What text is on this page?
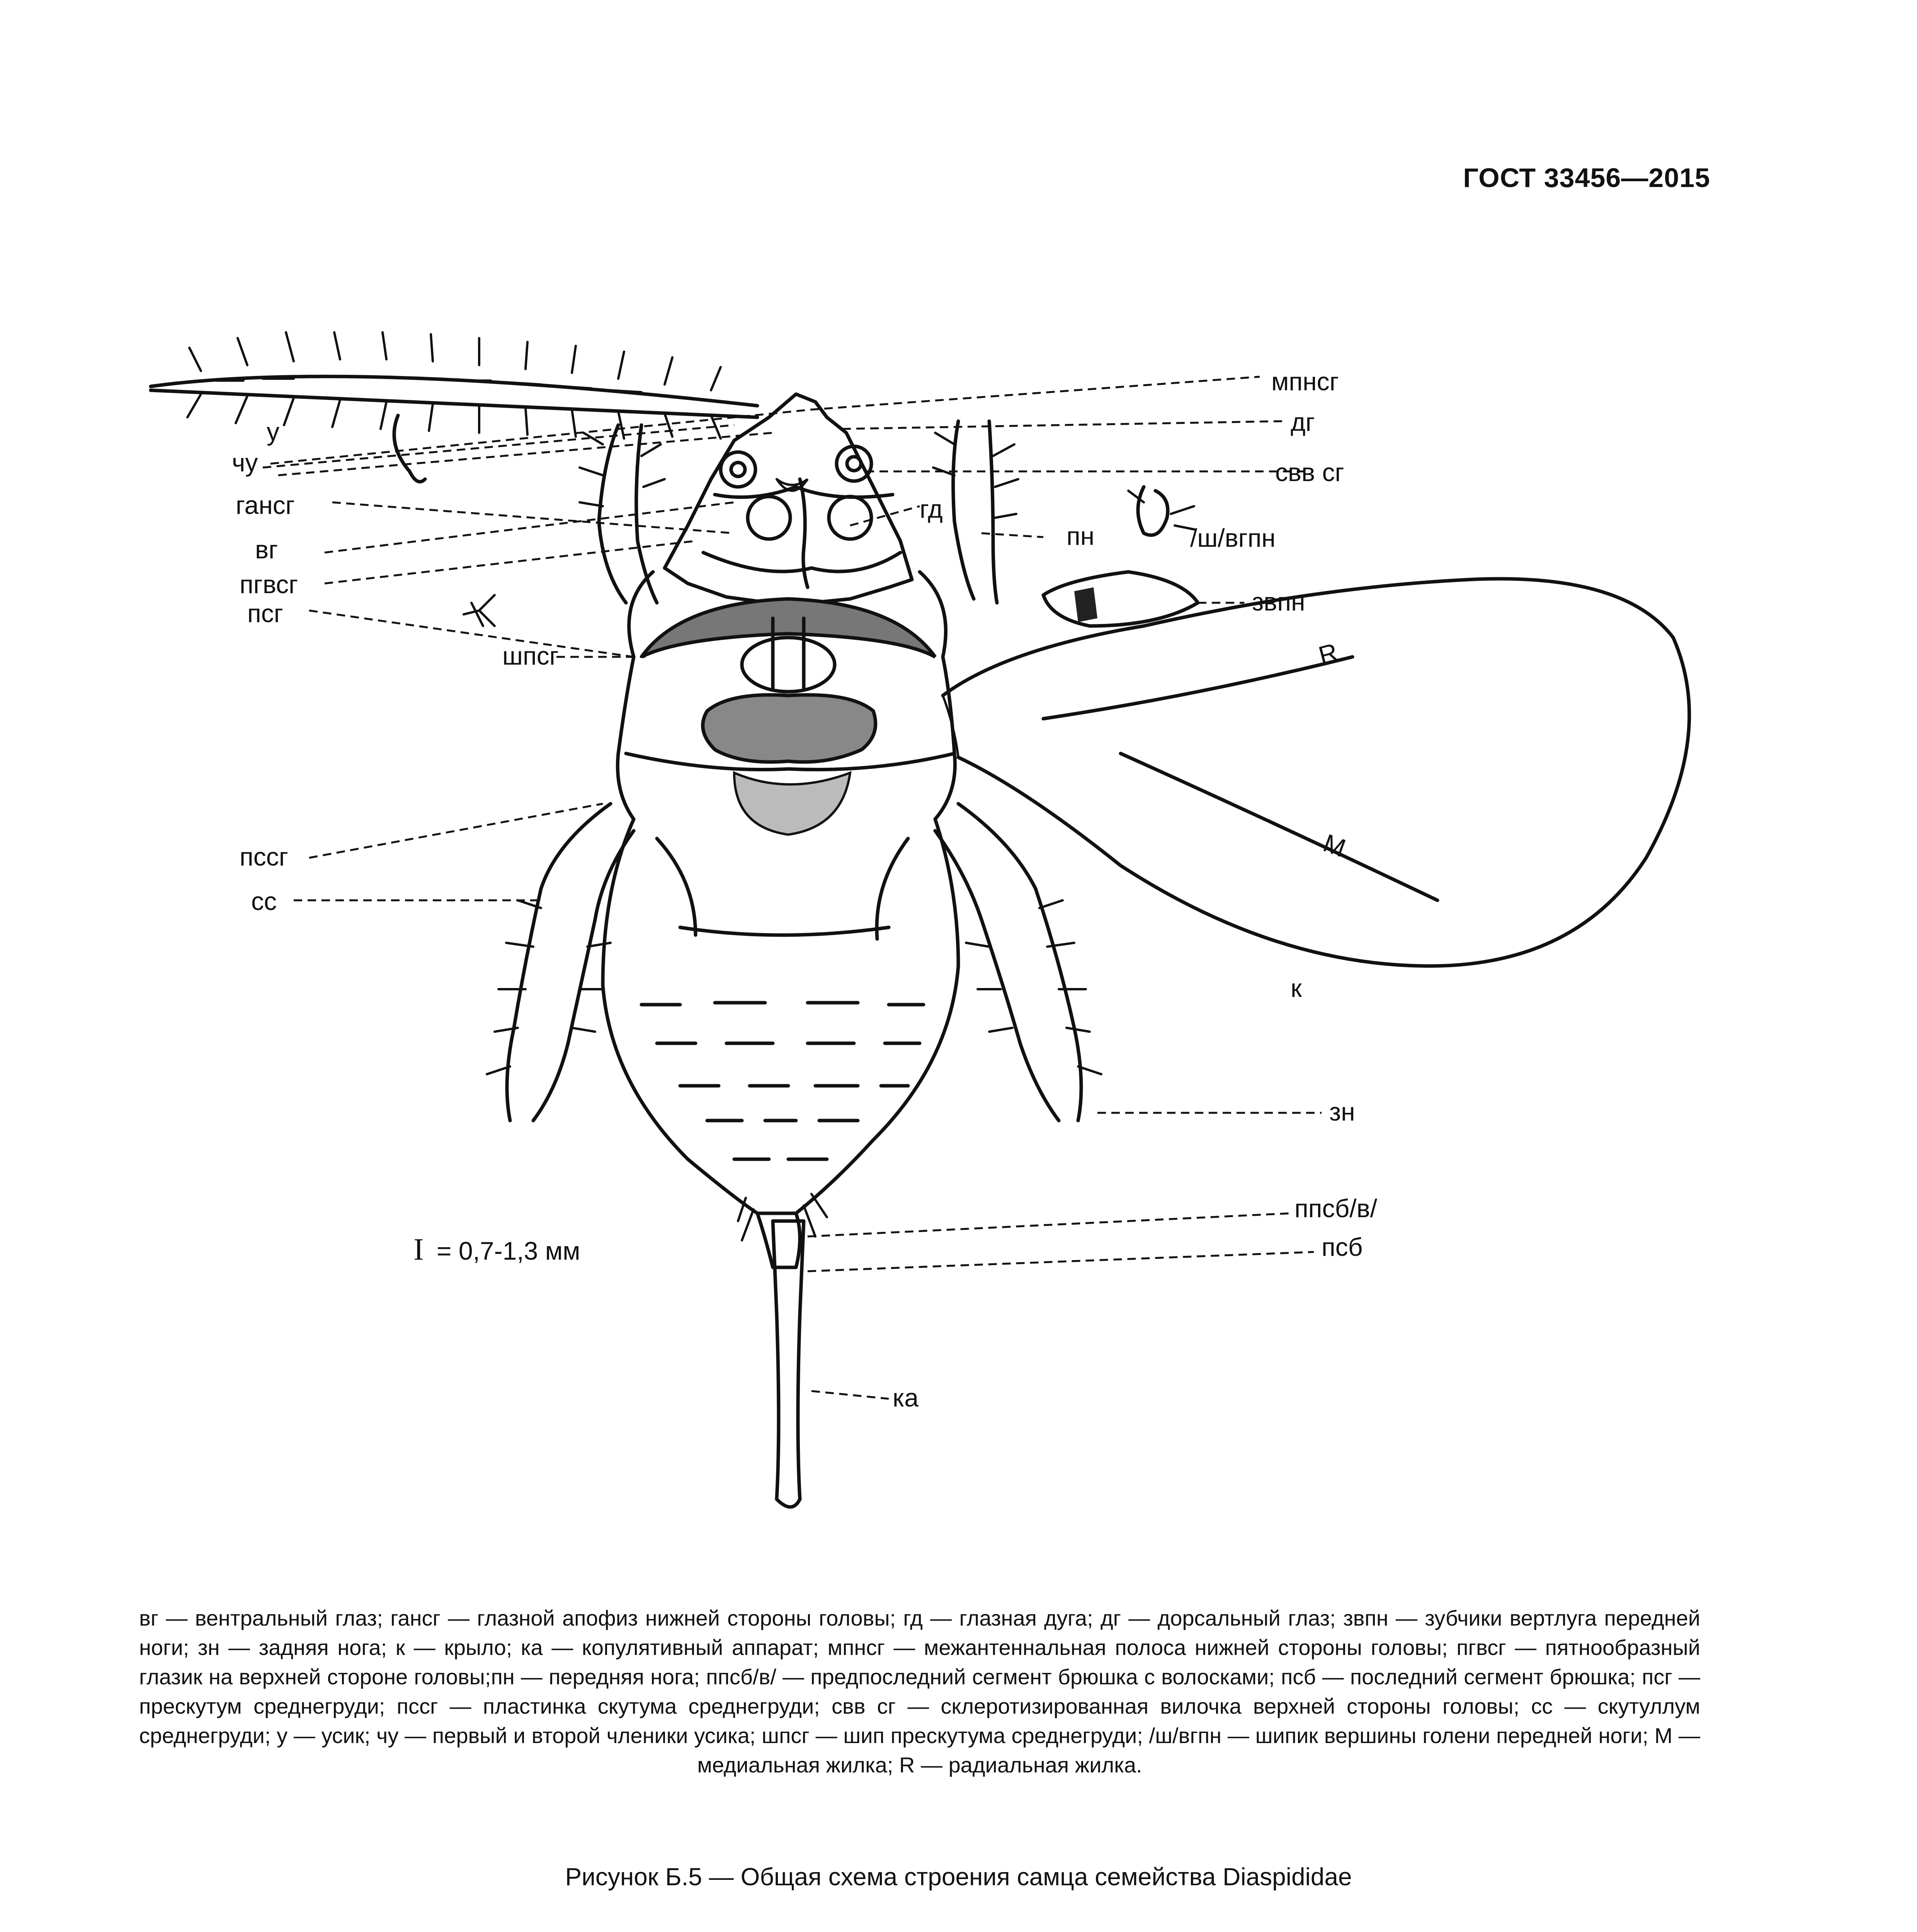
ГОСТ 33456—2015
у
чу
гансг
вг
пгвсг
псг
шпсг
пссг
сс
мпнсг
дг
свв сг
гд
пн	/ш/вгпн
звпн
R
M
к
зн
ппсб/в/
псб
ка
I = 0,7-1,3 мм
вг — вентральный глаз; гансг — глазной апофиз нижней стороны головы; гд — глазная дуга; дг — дорсальный глаз; звпн — зубчики вертлуга передней ноги; зн — задняя нога; к — крыло; ка — копулятивный аппарат; мпнсг — межантеннальная полоса нижней стороны головы; пгвсг — пятнообразный глазик на верхней стороне головы;пн — передняя нога; ппсб/в/ — предпоследний сегмент брюшка с волосками; псб — последний сегмент брюшка; псг — прескутум среднегруди; пссг — пластинка скутума среднегруди; свв сг — склеротизированная вилочка верхней стороны головы; сс — скутуллум среднегруди; у — усик; чу — первый и второй членики усика; шпсг — шип прескутума среднегруди; /ш/вгпн — шипик вершины голени передней ноги; М — медиальная жилка; R — радиальная жилка.
Рисунок Б.5 — Общая схема строения самца семейства Diaspididae
